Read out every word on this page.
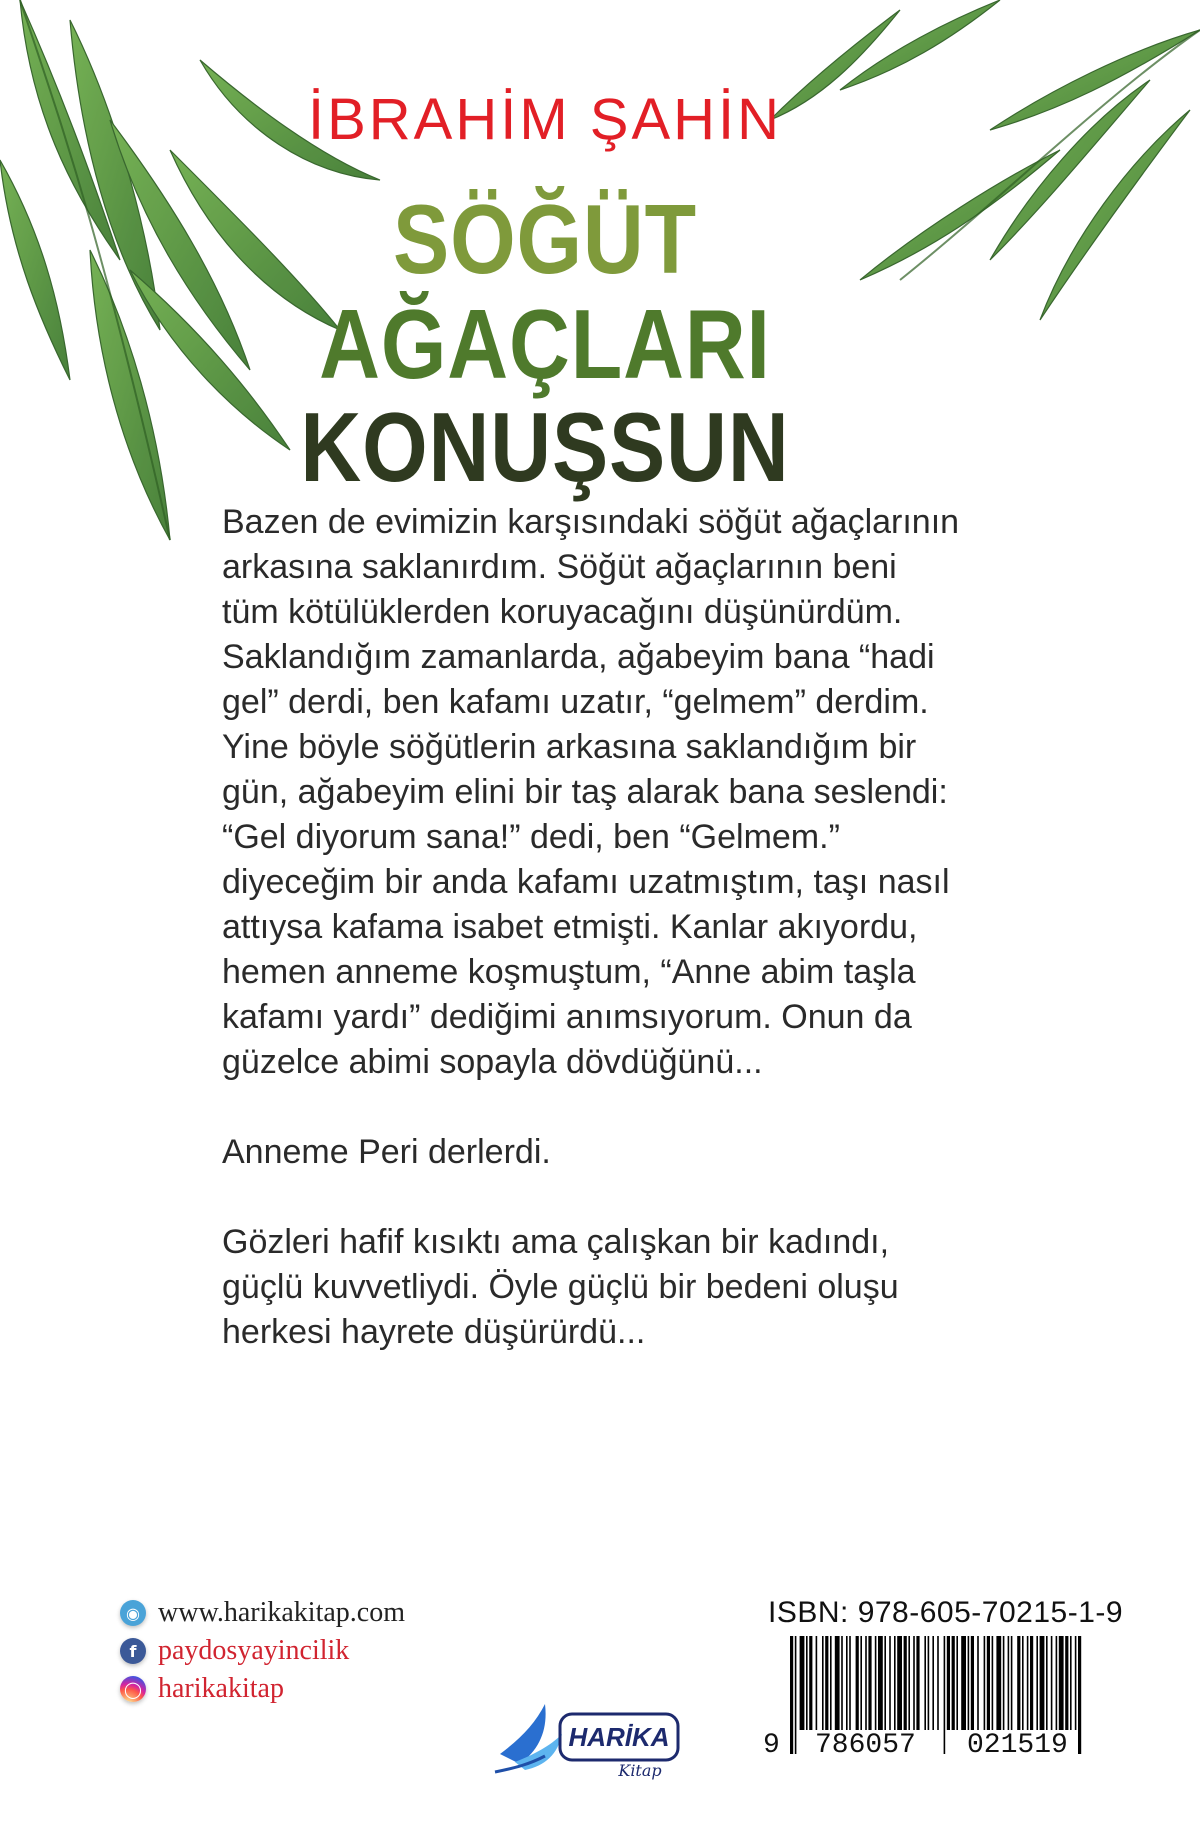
İBRAHİM ŞAHİN
SÖĞÜT
AĞAÇLARI
KONUŞSUN

Bazen de evimizin karşısındaki söğüt ağaçlarının
arkasına saklanırdım. Söğüt ağaçlarının beni
tüm kötülüklerden koruyacağını düşünürdüm.
Saklandığım zamanlarda, ağabeyim bana “hadi
gel” derdi, ben kafamı uzatır, “gelmem” derdim.
Yine böyle söğütlerin arkasına saklandığım bir
gün, ağabeyim elini bir taş alarak bana seslendi:
“Gel diyorum sana!” dedi, ben “Gelmem.”
diyeceğim bir anda kafamı uzatmıştım, taşı nasıl
attıysa kafama isabet etmişti. Kanlar akıyordu,
hemen anneme koşmuştum, “Anne abim taşla
kafamı yardı” dediğimi anımsıyorum. Onun da
güzelce abimi sopayla dövdüğünü...

Anneme Peri derlerdi.

Gözleri hafif kısıktı ama çalışkan bir kadındı,
güçlü kuvvetliydi. Öyle güçlü bir bedeni oluşu
herkesi hayrete düşürürdü...

◉ www.harikakitap.com
f paydosyayincilik
◯ harikakitap
HARİKA
Kitap
ISBN: 978-605-70215-1-9
9 786057 021519
